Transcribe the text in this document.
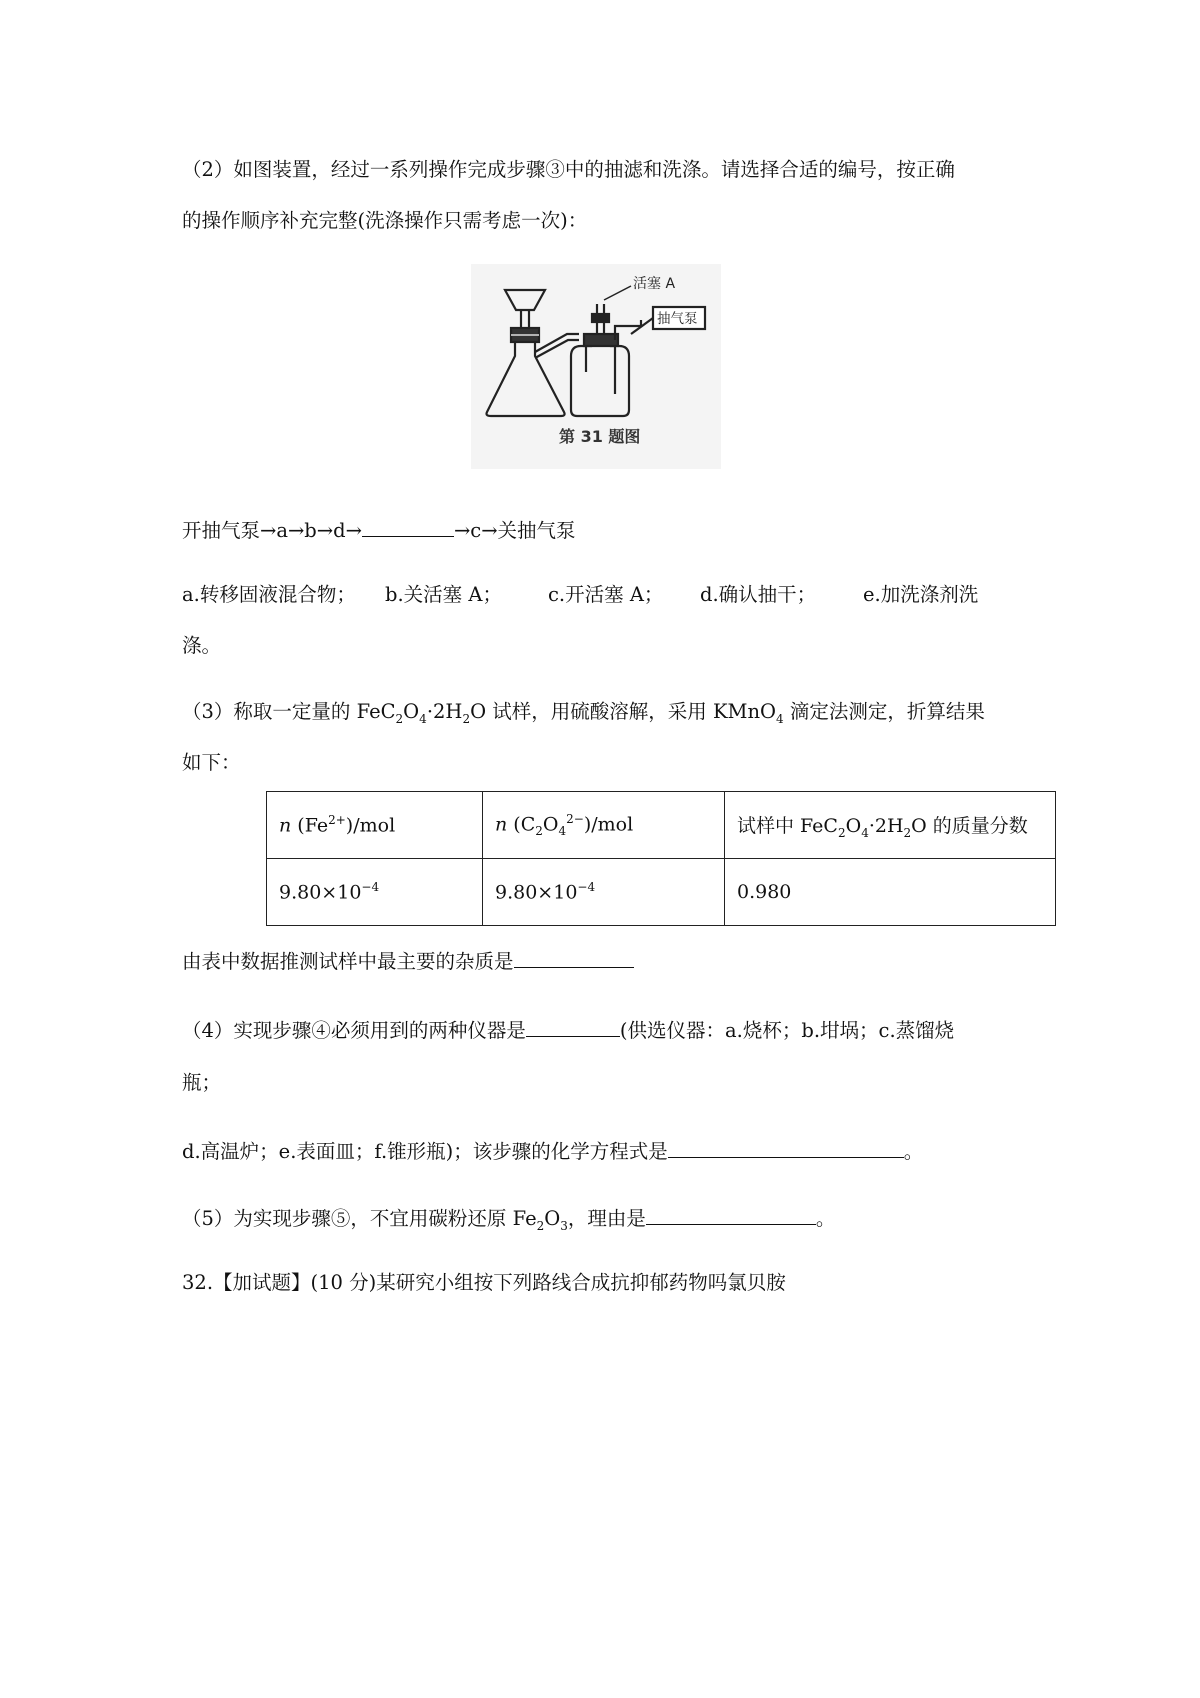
（2）如图装置，经过一系列操作完成步骤③中的抽滤和洗涤。请选择合适的编号，按正确
的操作顺序补充完整(洗涤操作只需考虑一次)：
活塞 A
抽气泵
第 31 题图
开抽气泵→a→b→d→	→c→关抽气泵
a.转移固液混合物； b.关活塞 A； c.开活塞 A； d.确认抽干； e.加洗涤剂洗
涤。
（3）称取一定量的 $FeC_2O_4\cdot 2H_2O$ 试样，用硫酸溶解，采用 KMnO$_4$ 滴定法测定，折算结果
如下：
n $(Fe^{2+})$/mol	n $(C_2O_4^{2-})$/mol	试样中 $FeC_2O_4\cdot 2H_2O$ 的质量分数
$9.80\times 10^{-4}$	$9.80\times 10^{-4}$	0.980
由表中数据推测试样中最主要的杂质是
（4）实现步骤④必须用到的两种仪器是	(供选仪器：a.烧杯；b.坩埚；c.蒸馏烧
瓶；
d.高温炉；e.表面皿；f.锥形瓶)；该步骤的化学方程式是	。
（5）为实现步骤⑤，不宜用碳粉还原 $Fe_2O_3$，理由是	。
32.【加试题】(10 分)某研究小组按下列路线合成抗抑郁药物吗氯贝胺
